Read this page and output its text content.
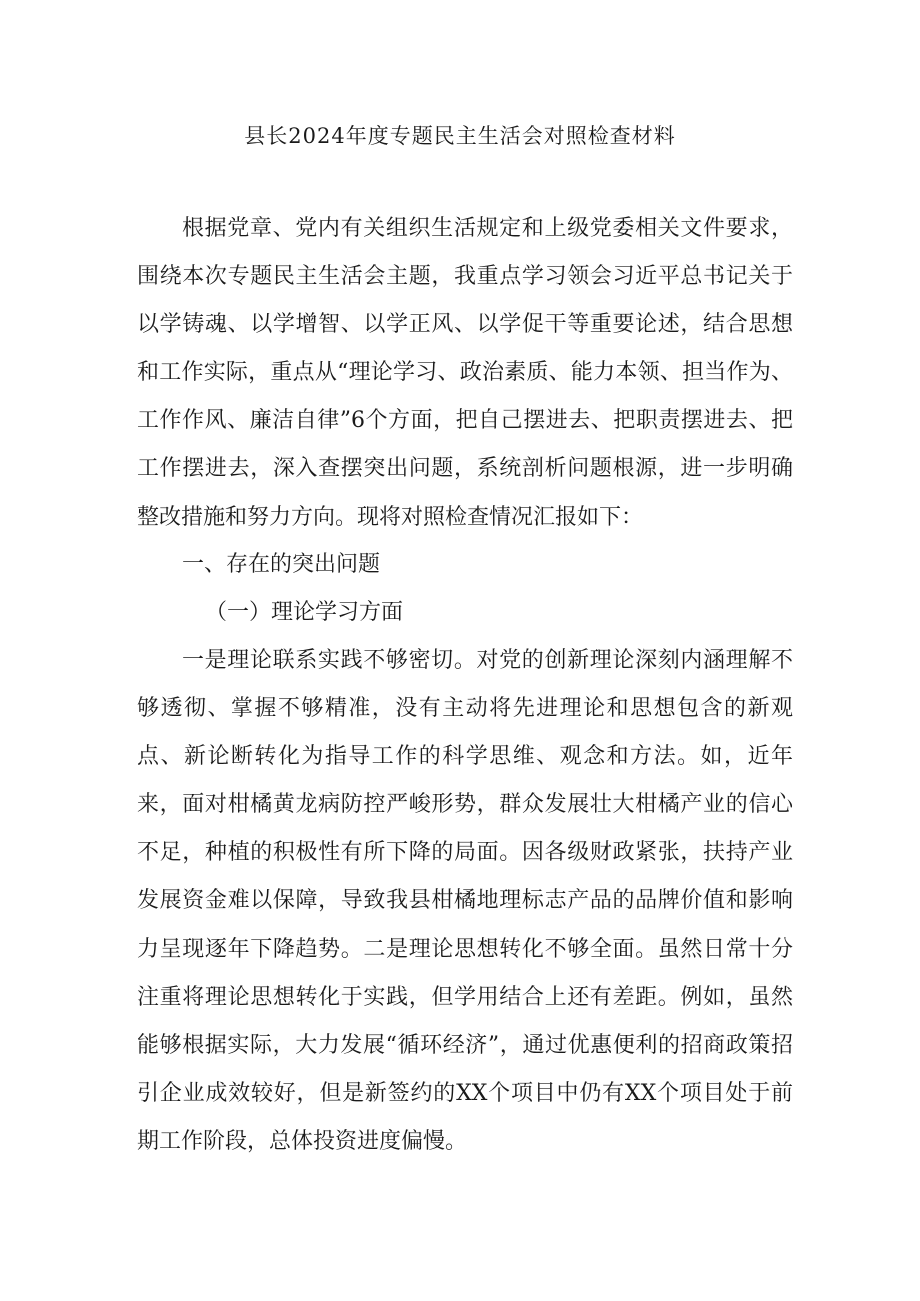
县长2024年度专题民主生活会对照检查材料

根据党章、党内有关组织生活规定和上级党委相关文件要求，围绕本次专题民主生活会主题，我重点学习领会习近平总书记关于以学铸魂、以学增智、以学正风、以学促干等重要论述，结合思想和工作实际，重点从“理论学习、政治素质、能力本领、担当作为、工作作风、廉洁自律”6个方面，把自己摆进去、把职责摆进去、把工作摆进去，深入查摆突出问题，系统剖析问题根源，进一步明确整改措施和努力方向。现将对照检查情况汇报如下：

一、存在的突出问题

（一）理论学习方面

一是理论联系实践不够密切。对党的创新理论深刻内涵理解不够透彻、掌握不够精准，没有主动将先进理论和思想包含的新观点、新论断转化为指导工作的科学思维、观念和方法。如，近年来，面对柑橘黄龙病防控严峻形势，群众发展壮大柑橘产业的信心不足，种植的积极性有所下降的局面。因各级财政紧张，扶持产业发展资金难以保障，导致我县柑橘地理标志产品的品牌价值和影响力呈现逐年下降趋势。二是理论思想转化不够全面。虽然日常十分注重将理论思想转化于实践，但学用结合上还有差距。例如，虽然能够根据实际，大力发展“循环经济”，通过优惠便利的招商政策招引企业成效较好，但是新签约的XX个项目中仍有XX个项目处于前期工作阶段，总体投资进度偏慢。
